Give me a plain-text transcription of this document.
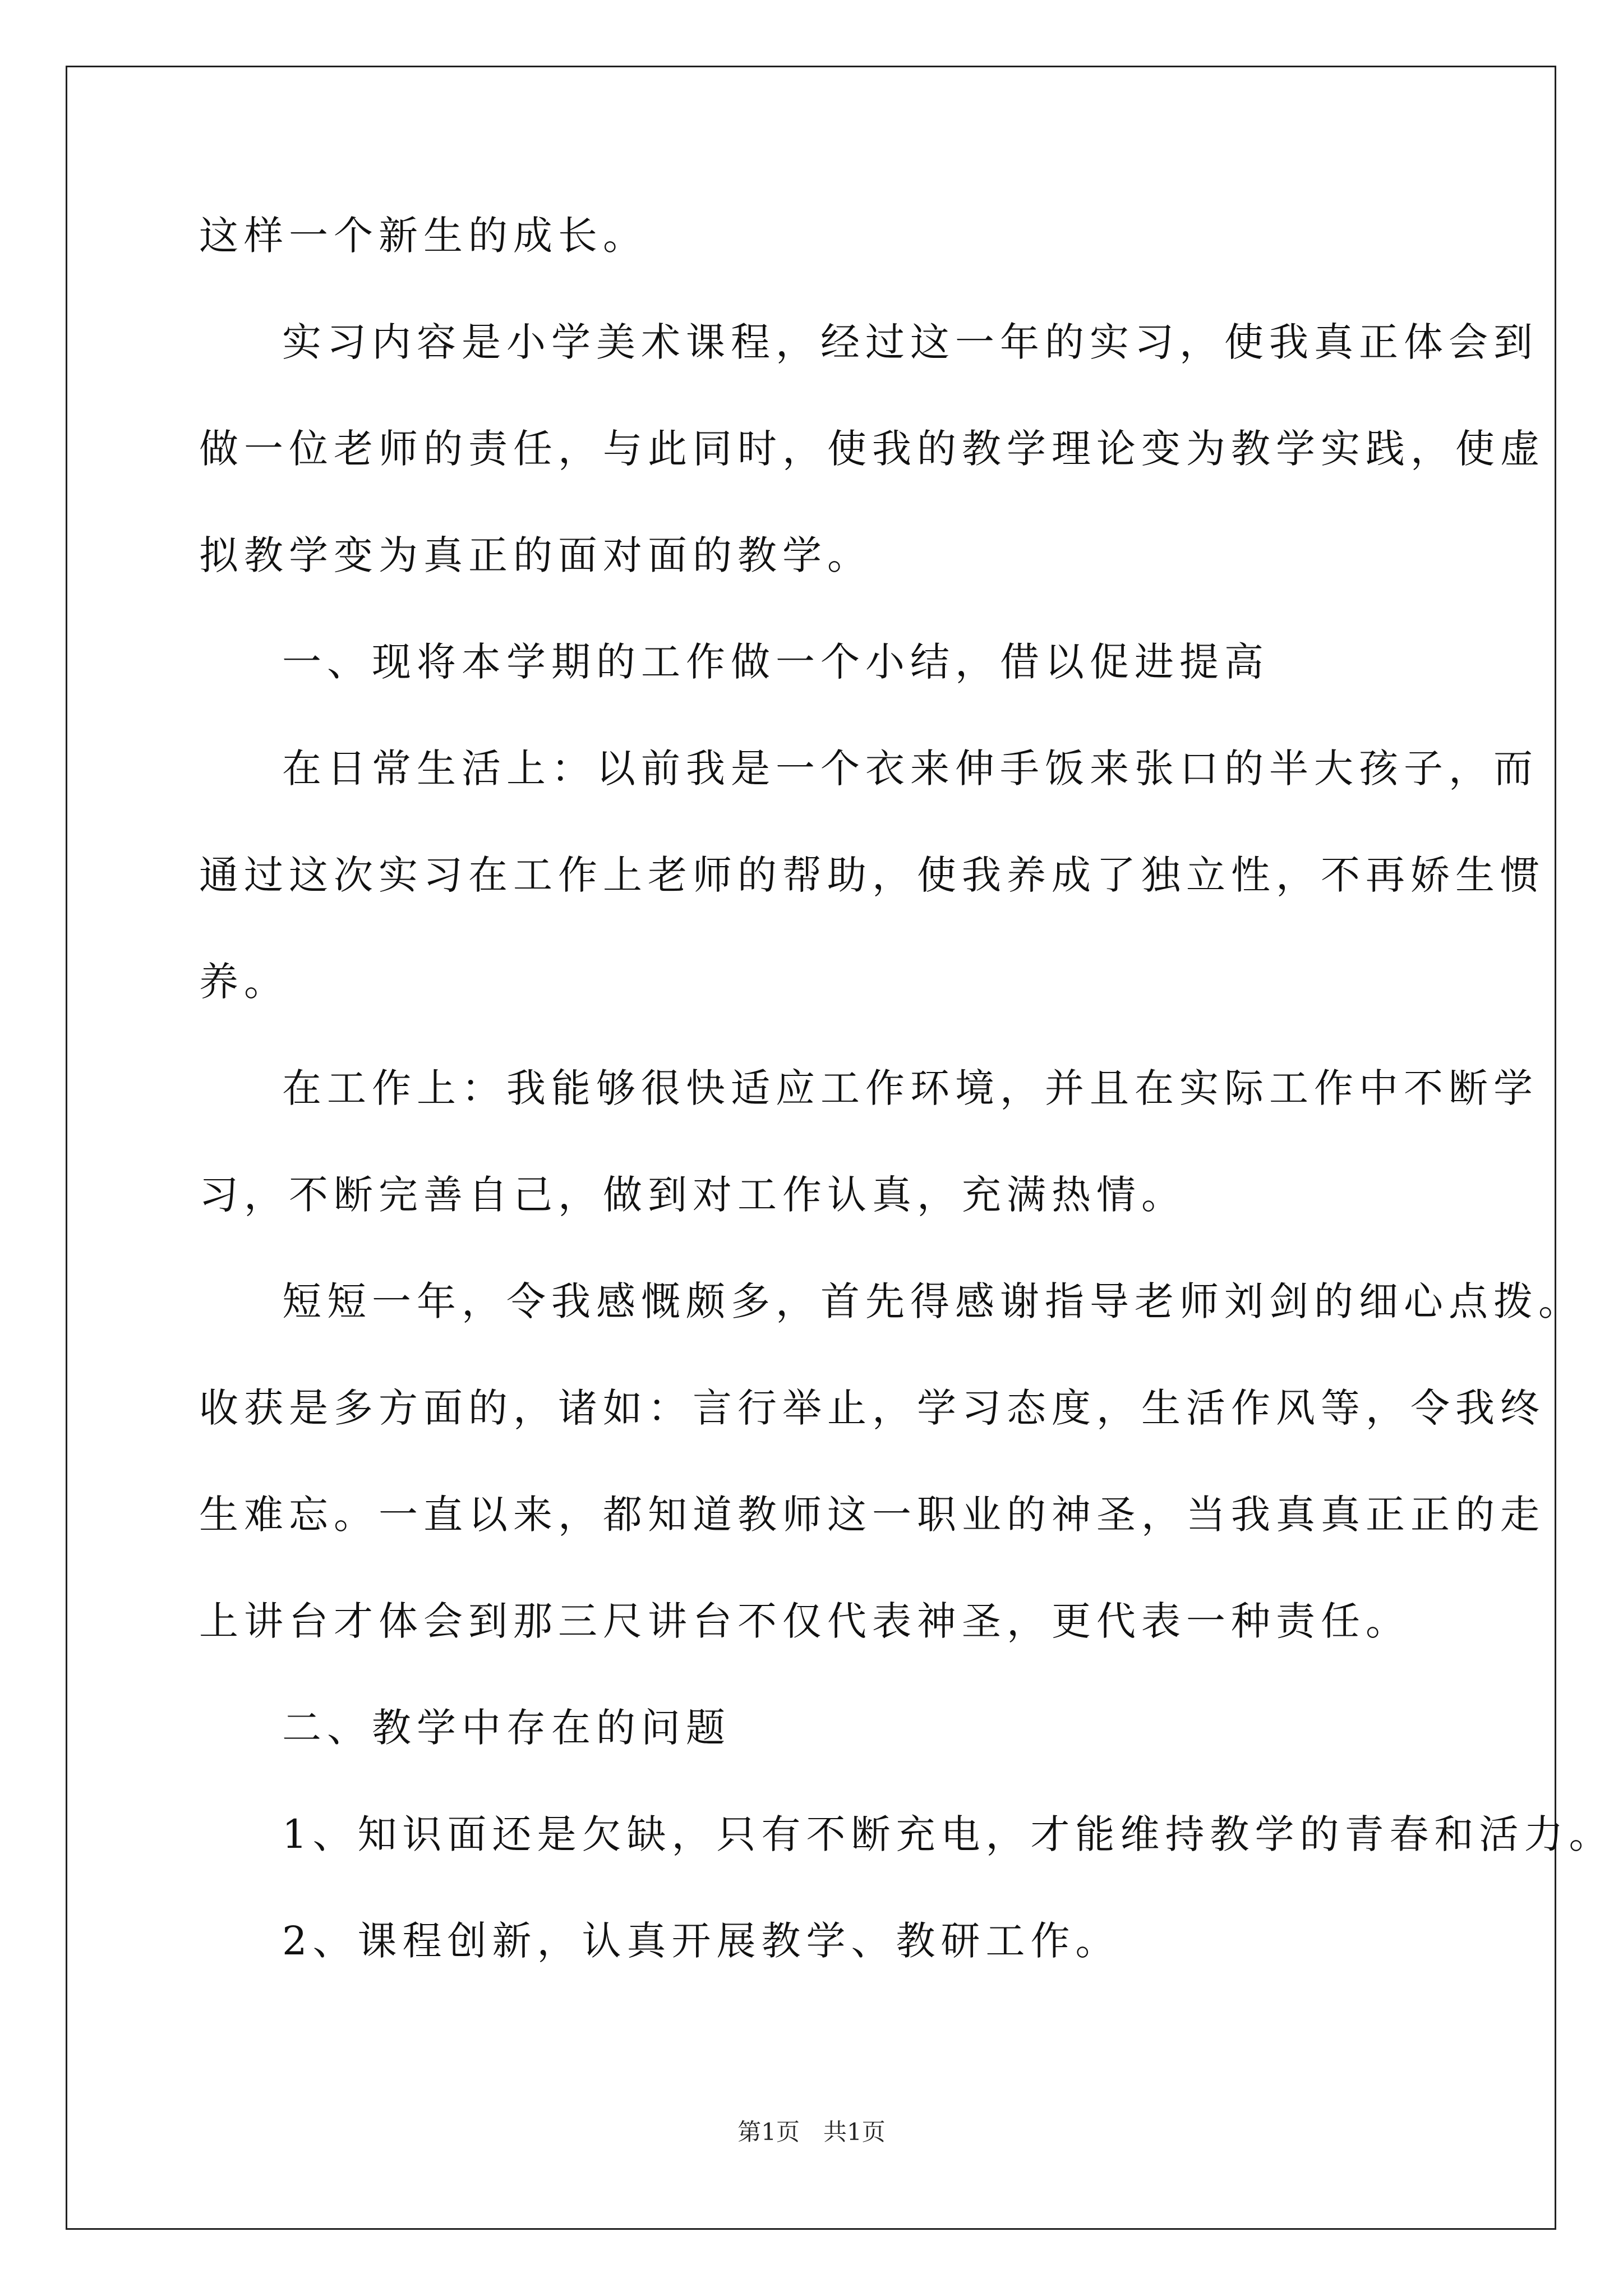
这样一个新生的成长。
实习内容是小学美术课程，经过这一年的实习，使我真正体会到
做一位老师的责任，与此同时，使我的教学理论变为教学实践，使虚
拟教学变为真正的面对面的教学。
一、现将本学期的工作做一个小结，借以促进提高
在日常生活上：以前我是一个衣来伸手饭来张口的半大孩子，而
通过这次实习在工作上老师的帮助，使我养成了独立性，不再娇生惯
养。
在工作上：我能够很快适应工作环境，并且在实际工作中不断学
习，不断完善自己，做到对工作认真，充满热情。
短短一年，令我感慨颇多，首先得感谢指导老师刘剑的细心点拨。
收获是多方面的，诸如：言行举止，学习态度，生活作风等，令我终
生难忘。一直以来，都知道教师这一职业的神圣，当我真真正正的走
上讲台才体会到那三尺讲台不仅代表神圣，更代表一种责任。
二、教学中存在的问题
1、知识面还是欠缺，只有不断充电，才能维持教学的青春和活力。
2、课程创新，认真开展教学、教研工作。
第1页　共1页
